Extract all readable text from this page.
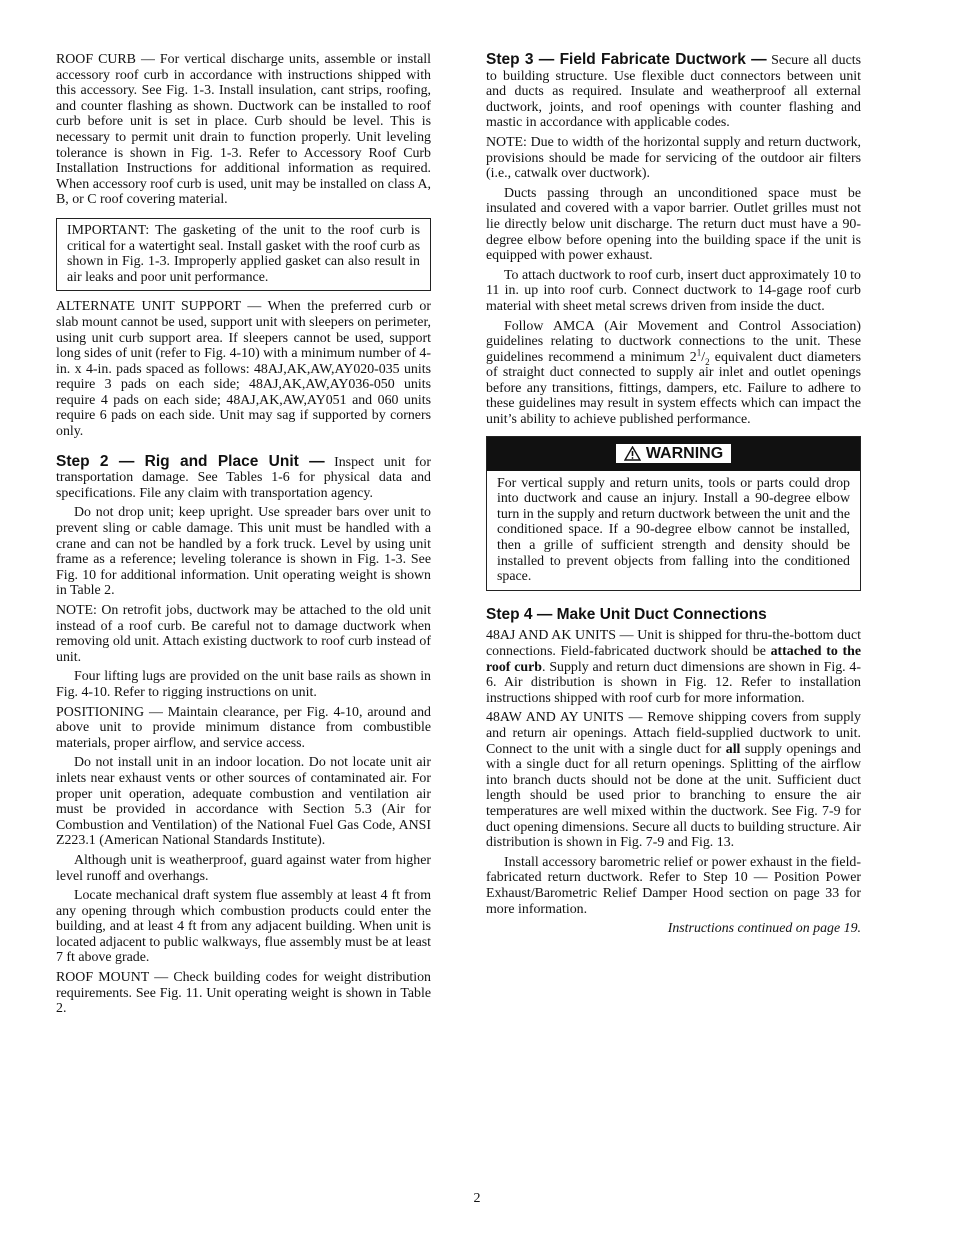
ROOF CURB — For vertical discharge units, assemble or install accessory roof curb in accordance with instructions shipped with this accessory. See Fig. 1-3. Install insulation, cant strips, roofing, and counter flashing as shown. Ductwork can be installed to roof curb before unit is set in place. Curb should be level. This is necessary to permit unit drain to function properly. Unit leveling tolerance is shown in Fig. 1-3. Refer to Accessory Roof Curb Installation Instructions for additional information as required. When accessory roof curb is used, unit may be installed on class A, B, or C roof covering material.

IMPORTANT: The gasketing of the unit to the roof curb is critical for a watertight seal. Install gasket with the roof curb as shown in Fig. 1-3. Improperly applied gasket can also result in air leaks and poor unit performance.

ALTERNATE UNIT SUPPORT — When the preferred curb or slab mount cannot be used, support unit with sleepers on perimeter, using unit curb support area. If sleepers cannot be used, support long sides of unit (refer to Fig. 4-10) with a minimum number of 4-in. x 4-in. pads spaced as follows: 48AJ,AK,AW,AY020-035 units require 3 pads on each side; 48AJ,AK,AW,AY036-050 units require 4 pads on each side; 48AJ,AK,AW,AY051 and 060 units require 6 pads on each side. Unit may sag if supported by corners only.

Step 2 — Rig and Place Unit — Inspect unit for transportation damage. See Tables 1-6 for physical data and specifications. File any claim with transportation agency.

Do not drop unit; keep upright. Use spreader bars over unit to prevent sling or cable damage. This unit must be handled with a crane and can not be handled by a fork truck. Level by using unit frame as a reference; leveling tolerance is shown in Fig. 1-3. See Fig. 10 for additional information. Unit operating weight is shown in Table 2.

NOTE: On retrofit jobs, ductwork may be attached to the old unit instead of a roof curb. Be careful not to damage ductwork when removing old unit. Attach existing ductwork to roof curb instead of unit.

Four lifting lugs are provided on the unit base rails as shown in Fig. 4-10. Refer to rigging instructions on unit.

POSITIONING — Maintain clearance, per Fig. 4-10, around and above unit to provide minimum distance from combustible materials, proper airflow, and service access.

Do not install unit in an indoor location. Do not locate unit air inlets near exhaust vents or other sources of contaminated air. For proper unit operation, adequate combustion and ventilation air must be provided in accordance with Section 5.3 (Air for Combustion and Ventilation) of the National Fuel Gas Code, ANSI Z223.1 (American National Standards Institute).

Although unit is weatherproof, guard against water from higher level runoff and overhangs.

Locate mechanical draft system flue assembly at least 4 ft from any opening through which combustion products could enter the building, and at least 4 ft from any adjacent building. When unit is located adjacent to public walkways, flue assembly must be at least 7 ft above grade.

ROOF MOUNT — Check building codes for weight distribution requirements. See Fig. 11. Unit operating weight is shown in Table 2.

Step 3 — Field Fabricate Ductwork — Secure all ducts to building structure. Use flexible duct connectors between unit and ducts as required. Insulate and weatherproof all external ductwork, joints, and roof openings with counter flashing and mastic in accordance with applicable codes.

NOTE: Due to width of the horizontal supply and return ductwork, provisions should be made for servicing of the outdoor air filters (i.e., catwalk over ductwork).

Ducts passing through an unconditioned space must be insulated and covered with a vapor barrier. Outlet grilles must not lie directly below unit discharge. The return duct must have a 90-degree elbow before opening into the building space if the unit is equipped with power exhaust.

To attach ductwork to roof curb, insert duct approximately 10 to 11 in. up into roof curb. Connect ductwork to 14-gage roof curb material with sheet metal screws driven from inside the duct.

Follow AMCA (Air Movement and Control Association) guidelines relating to ductwork connections to the unit. These guidelines recommend a minimum $2^1/_2$ equivalent duct diameters of straight duct connected to supply air inlet and outlet openings before any transitions, fittings, dampers, etc. Failure to adhere to these guidelines may result in system effects which can impact the unit’s ability to achieve published performance.

WARNING

For vertical supply and return units, tools or parts could drop into ductwork and cause an injury. Install a 90-degree elbow turn in the supply and return ductwork between the unit and the conditioned space. If a 90-degree elbow cannot be installed, then a grille of sufficient strength and density should be installed to prevent objects from falling into the conditioned space.

Step 4 — Make Unit Duct Connections

48AJ AND AK UNITS — Unit is shipped for thru-the-bottom duct connections. Field-fabricated ductwork should be attached to the roof curb. Supply and return duct dimensions are shown in Fig. 4-6. Air distribution is shown in Fig. 12. Refer to installation instructions shipped with roof curb for more information.

48AW AND AY UNITS — Remove shipping covers from supply and return air openings. Attach field-supplied ductwork to unit. Connect to the unit with a single duct for all supply openings and with a single duct for all return openings. Splitting of the airflow into branch ducts should not be done at the unit. Sufficient duct length should be used prior to branching to ensure the air temperatures are well mixed within the ductwork. See Fig. 7-9 for duct opening dimensions. Secure all ducts to building structure. Air distribution is shown in Fig. 7-9 and Fig. 13.

Install accessory barometric relief or power exhaust in the field-fabricated return ductwork. Refer to Step 10 — Position Power Exhaust/Barometric Relief Damper Hood section on page 33 for more information.

Instructions continued on page 19.

2
